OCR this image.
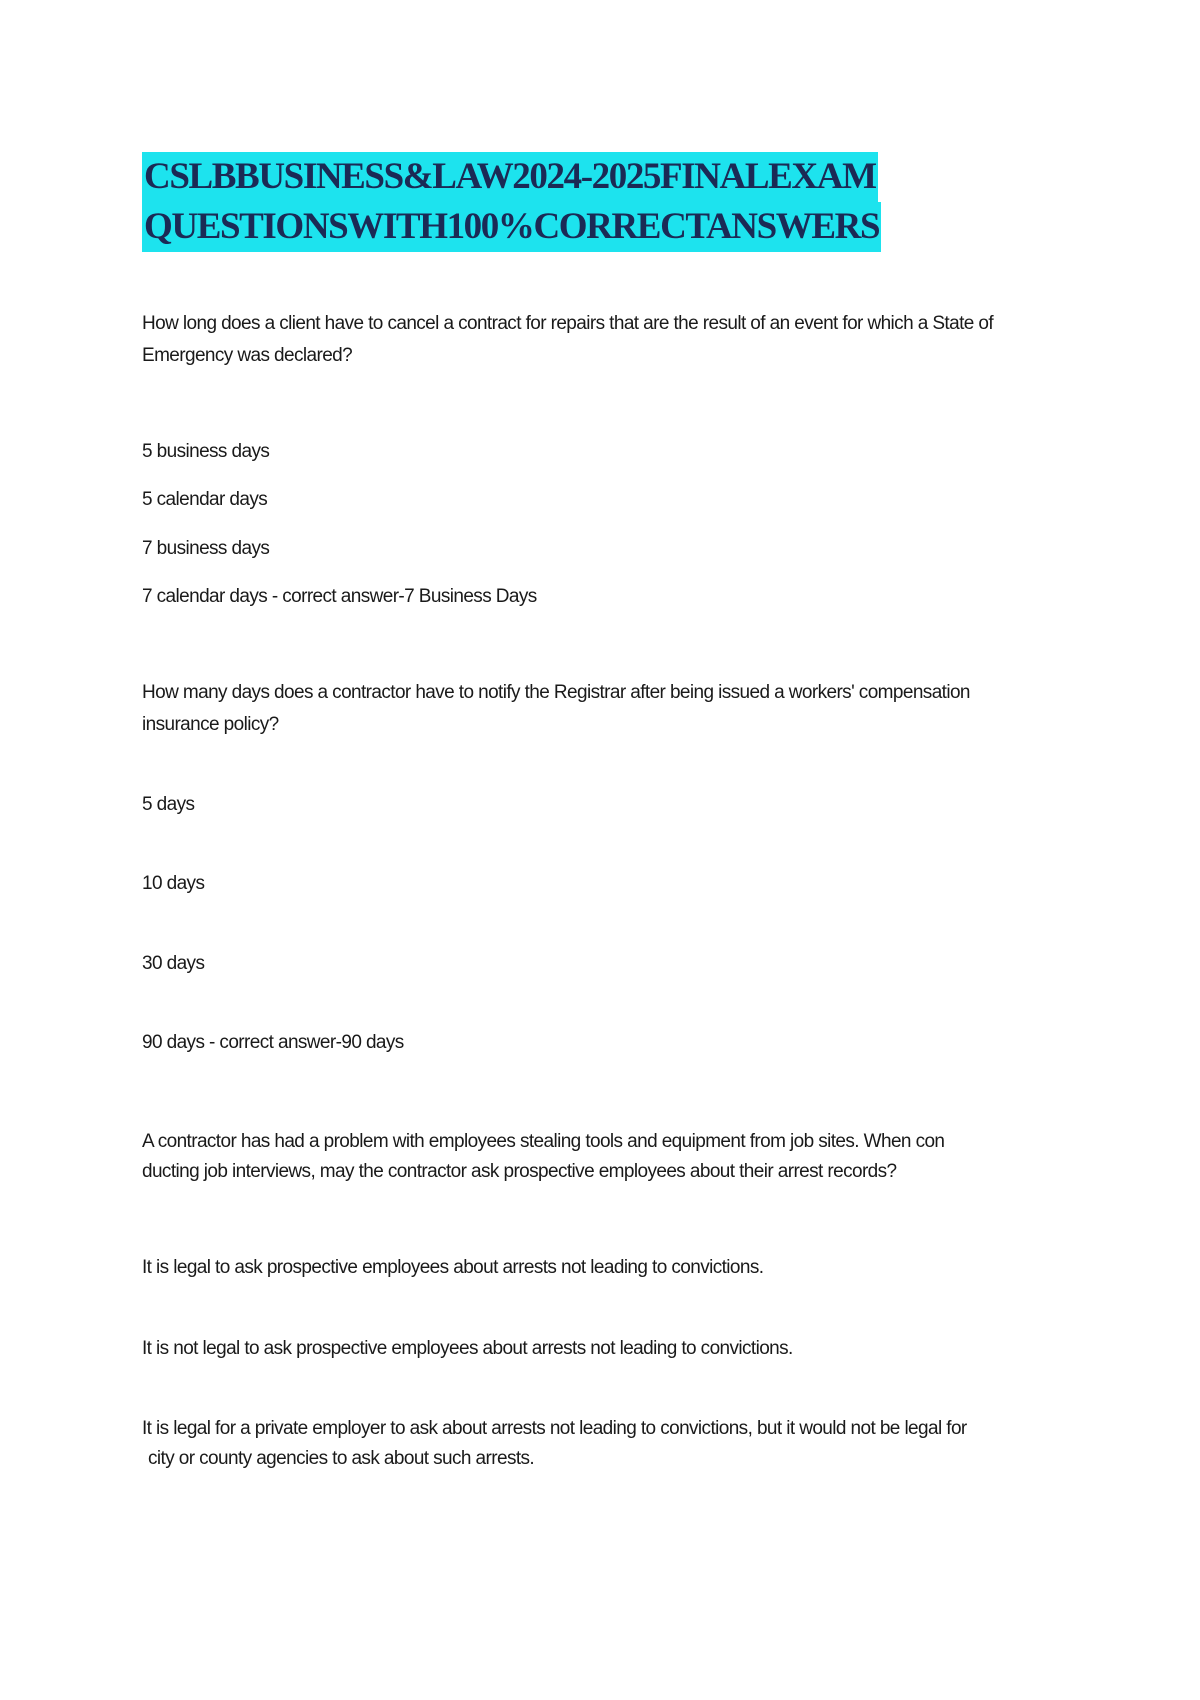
CSLBBUSINESS&LAW2024-2025FINALEXAM
QUESTIONSWITH100%CORRECTANSWERS
How long does a client have to cancel a contract for repairs that are the result of an event for which a State of
Emergency was declared?
5 business days
5 calendar days
7 business days
7 calendar days - correct answer-7 Business Days
How many days does a contractor have to notify the Registrar after being issued a workers' compensation
insurance policy?
5 days
10 days
30 days
90 days - correct answer-90 days
A contractor has had a problem with employees stealing tools and equipment from job sites. When con
ducting job interviews, may the contractor ask prospective employees about their arrest records?
It is legal to ask prospective employees about arrests not leading to convictions.
It is not legal to ask prospective employees about arrests not leading to convictions.
It is legal for a private employer to ask about arrests not leading to convictions, but it would not be legal for
city or county agencies to ask about such arrests.
